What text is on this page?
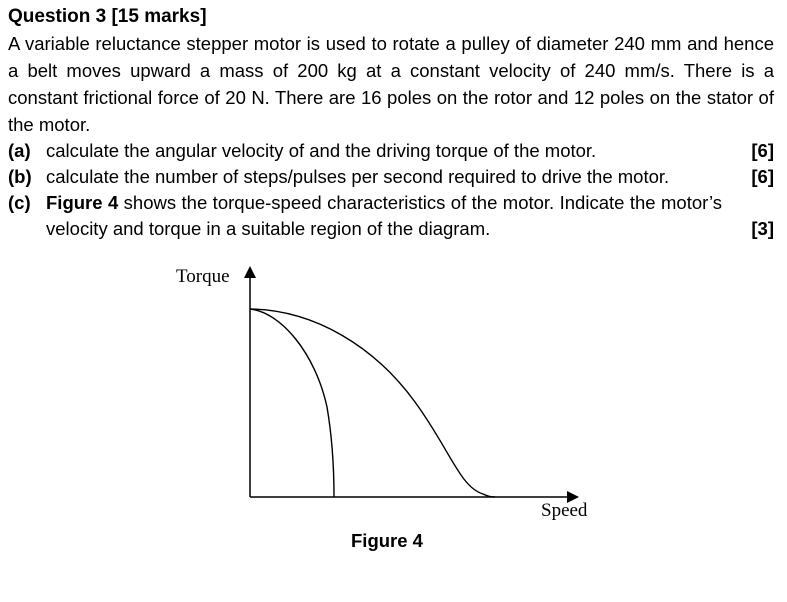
Question 3 [15 marks]

A variable reluctance stepper motor is used to rotate a pulley of diameter 240 mm and hence a belt moves upward a mass of 200 kg at a constant velocity of 240 mm/s. There is a constant frictional force of 20 N. There are 16 poles on the rotor and 12 poles on the stator of the motor.

(a) calculate the angular velocity of and the driving torque of the motor.	[6]
(b) calculate the number of steps/pulses per second required to drive the motor.	[6]
(c) Figure 4 shows the torque-speed characteristics of the motor. Indicate the motor’s velocity and torque in a suitable region of the diagram.	[3]
Torque
Speed
Figure 4
